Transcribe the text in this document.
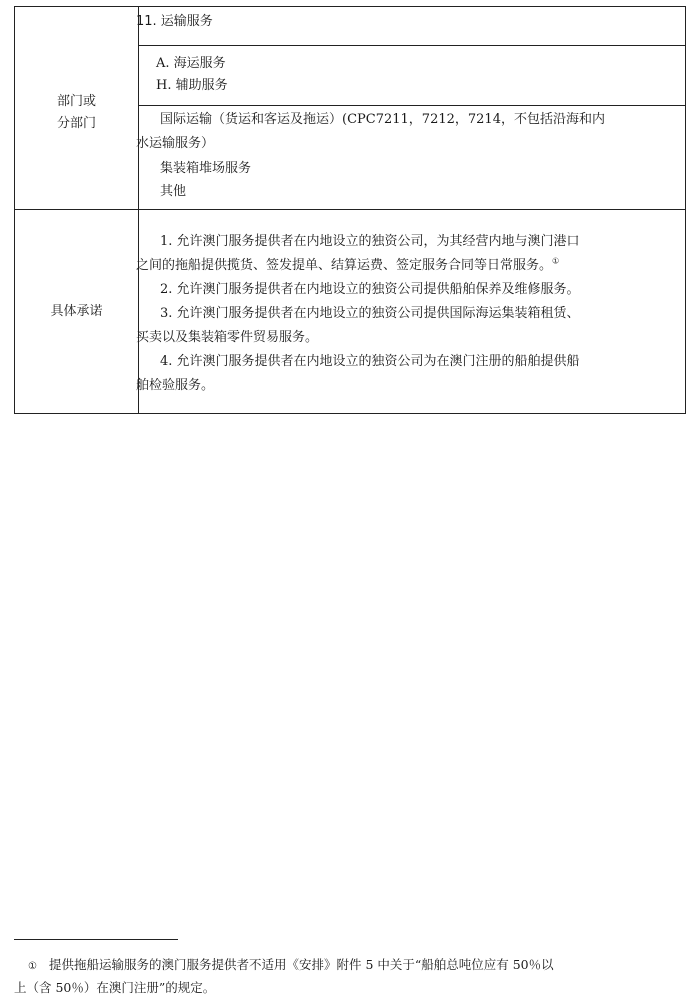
部门或
分部门
具体承诺
11. 运输服务
A. 海运服务
H. 辅助服务
国际运输（货运和客运及拖运）(CPC7211，7212，7214，不包括沿海和内
水运输服务）
集装箱堆场服务
其他
1. 允许澳门服务提供者在内地设立的独资公司，为其经营内地与澳门港口
之间的拖船提供揽货、签发提单、结算运费、签定服务合同等日常服务。①
2. 允许澳门服务提供者在内地设立的独资公司提供船舶保养及维修服务。
3. 允许澳门服务提供者在内地设立的独资公司提供国际海运集装箱租赁、
买卖以及集装箱零件贸易服务。
4. 允许澳门服务提供者在内地设立的独资公司为在澳门注册的船舶提供船
舶检验服务。
① 提供拖船运输服务的澳门服务提供者不适用《安排》附件 5 中关于“船舶总吨位应有 50％以
上（含 50％）在澳门注册”的规定。
